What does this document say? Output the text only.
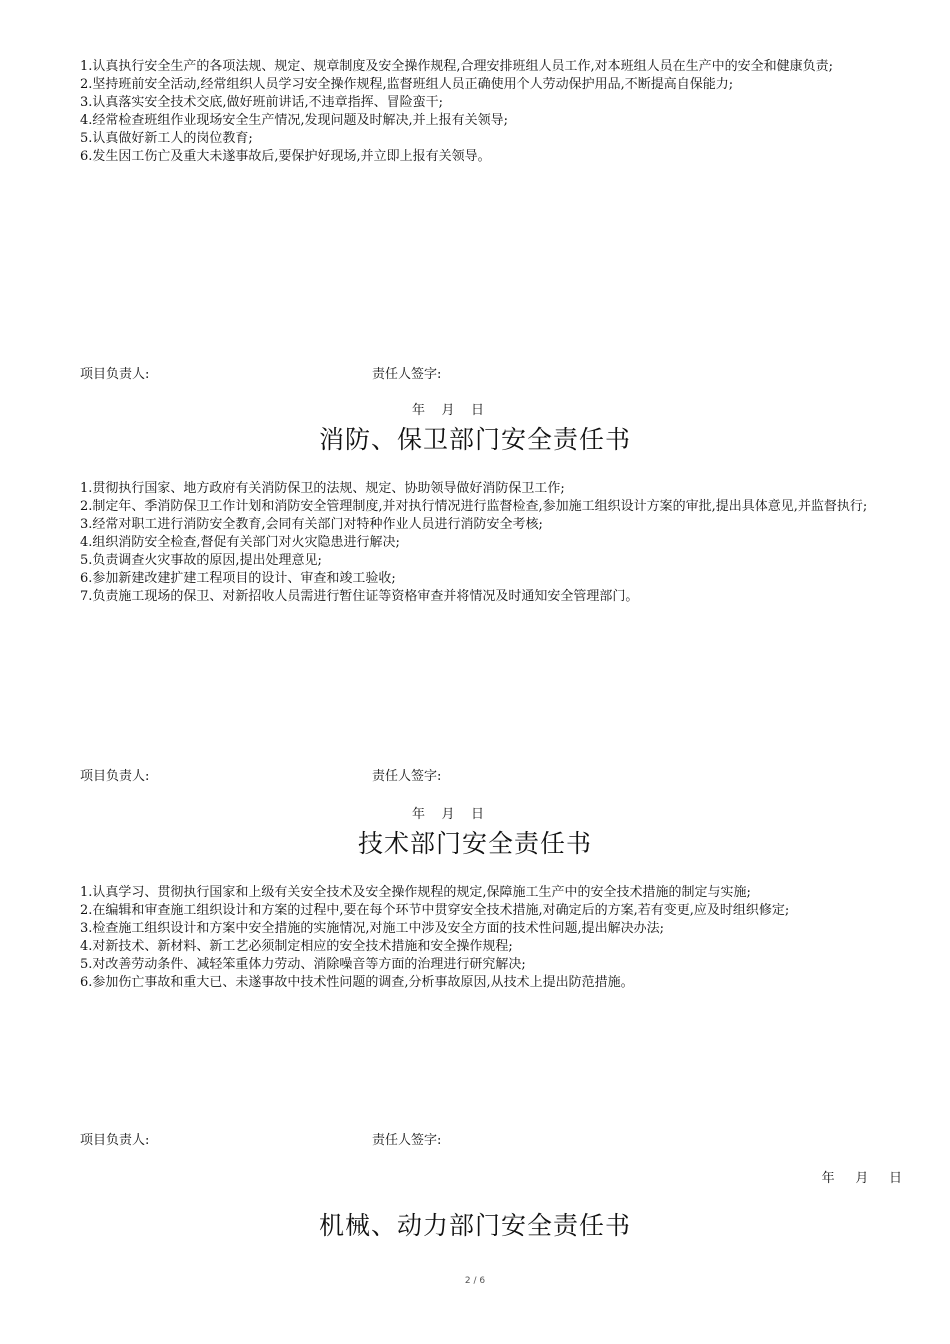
1.认真执行安全生产的各项法规、规定、规章制度及安全操作规程,合理安排班组人员工作,对本班组人员在生产中的安全和健康负责;

2.坚持班前安全活动,经常组织人员学习安全操作规程,监督班组人员正确使用个人劳动保护用品,不断提高自保能力;

3.认真落实安全技术交底,做好班前讲话,不违章指挥、冒险蛮干;

4.经常检查班组作业现场安全生产情况,发现问题及时解决,并上报有关领导;

5.认真做好新工人的岗位教育;

6.发生因工伤亡及重大未遂事故后,要保护好现场,并立即上报有关领导。

项目负责人:	责任人签字:
年    月    日
消防、保卫部门安全责任书

1.贯彻执行国家、地方政府有关消防保卫的法规、规定、协助领导做好消防保卫工作;

2.制定年、季消防保卫工作计划和消防安全管理制度,并对执行情况进行监督检查,参加施工组织设计方案的审批,提出具体意见,并监督执行;

3.经常对职工进行消防安全教育,会同有关部门对特种作业人员进行消防安全考核;

4.组织消防安全检查,督促有关部门对火灾隐患进行解决;

5.负责调查火灾事故的原因,提出处理意见;

6.参加新建改建扩建工程项目的设计、审查和竣工验收;

7.负责施工现场的保卫、对新招收人员需进行暂住证等资格审查并将情况及时通知安全管理部门。

项目负责人:	责任人签字:
年    月    日
技术部门安全责任书

1.认真学习、贯彻执行国家和上级有关安全技术及安全操作规程的规定,保障施工生产中的安全技术措施的制定与实施;

2.在编辑和审查施工组织设计和方案的过程中,要在每个环节中贯穿安全技术措施,对确定后的方案,若有变更,应及时组织修定;

3.检查施工组织设计和方案中安全措施的实施情况,对施工中涉及安全方面的技术性问题,提出解决办法;

4.对新技术、新材料、新工艺必须制定相应的安全技术措施和安全操作规程;

5.对改善劳动条件、减轻笨重体力劳动、消除噪音等方面的治理进行研究解决;

6.参加伤亡事故和重大已、未遂事故中技术性问题的调查,分析事故原因,从技术上提出防范措施。

项目负责人:	责任人签字:
年     月     日
机械、动力部门安全责任书
2 / 6
